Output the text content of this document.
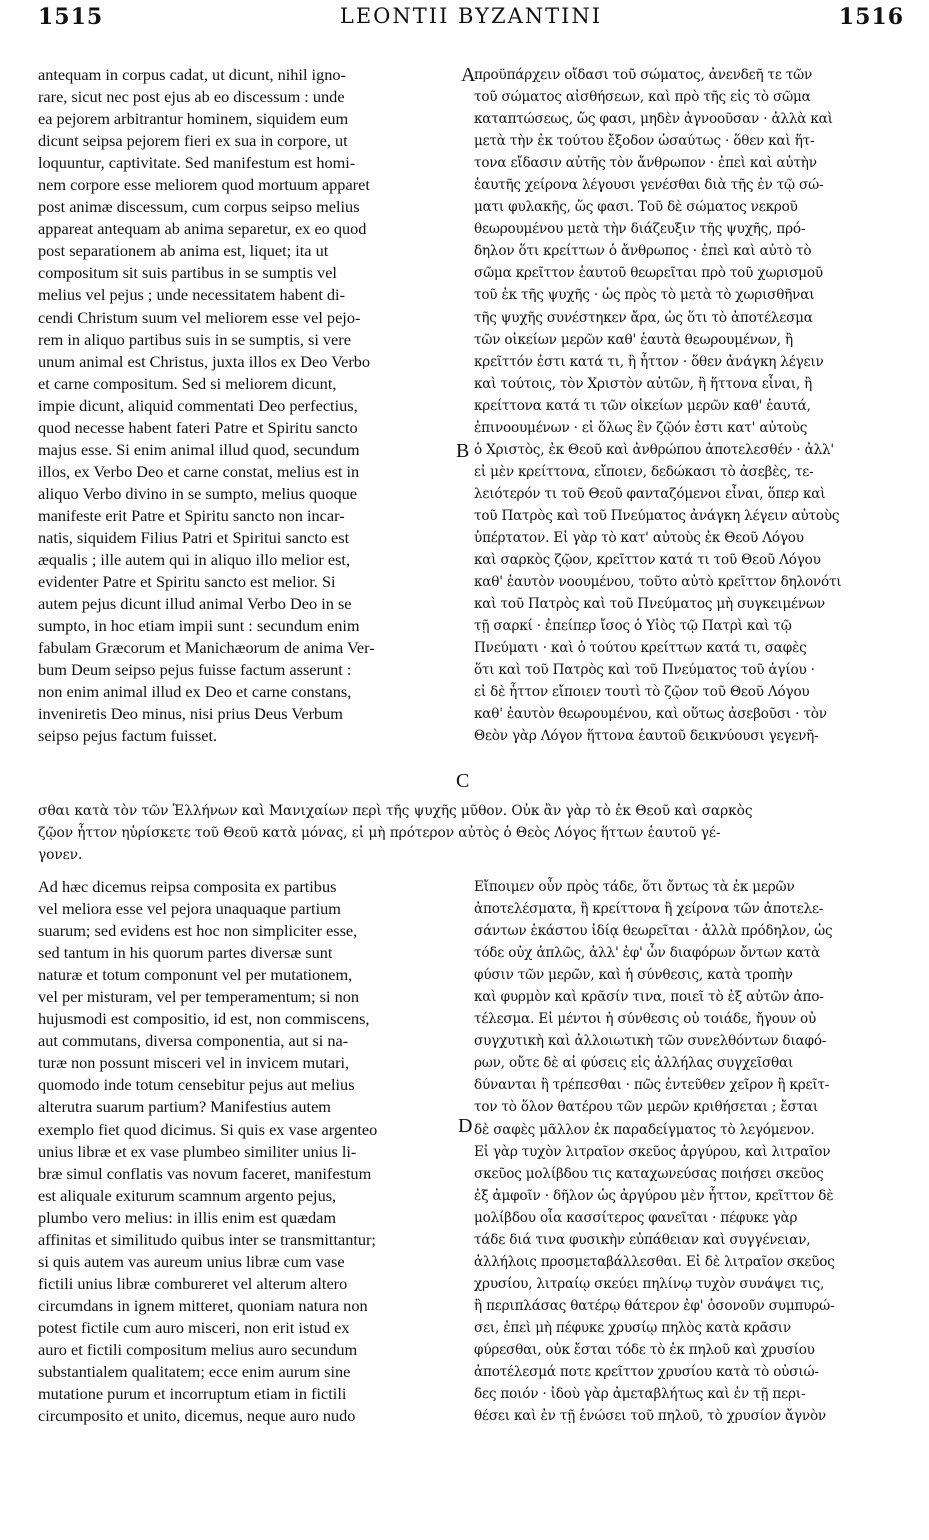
1515	LEONTII BYZANTINI	1516
antequam in corpus cadat, ut dicunt, nihil igno-
rare, sicut nec post ejus ab eo discessum : unde
ea pejorem arbitrantur hominem, siquidem eum
dicunt seipsa pejorem fieri ex sua in corpore, ut
loquuntur, captivitate. Sed manifestum est homi-
nem corpore esse meliorem quod mortuum apparet
post animæ discessum, cum corpus seipso melius
appareat antequam ab anima separetur, ex eo quod
post separationem ab anima est, liquet; ita ut
compositum sit suis partibus in se sumptis vel
melius vel pejus ; unde necessitatem habent di-
cendi Christum suum vel meliorem esse vel pejo-
rem in aliquo partibus suis in se sumptis, si vere
unum animal est Christus, juxta illos ex Deo Verbo
et carne compositum. Sed si meliorem dicunt,
impie dicunt, aliquid commentati Deo perfectius,
quod necesse habent fateri Patre et Spiritu sancto
majus esse. Si enim animal illud quod, secundum
illos, ex Verbo Deo et carne constat, melius est in
aliquo Verbo divino in se sumpto, melius quoque
manifeste erit Patre et Spiritu sancto non incar-
natis, siquidem Filius Patri et Spiritui sancto est
æqualis ; ille autem qui in aliquo illo melior est,
evidenter Patre et Spiritu sancto est melior. Si
autem pejus dicunt illud animal Verbo Deo in se
sumpto, in hoc etiam impii sunt : secundum enim
fabulam Græcorum et Manichæorum de anima Ver-
bum Deum seipso pejus fuisse factum asserunt :
non enim animal illud ex Deo et carne constans,
inveniretis Deo minus, nisi prius Deus Verbum
seipso pejus factum fuisset.
προϋπάρχειν οἴδασι τοῦ σώματος, ἀνενδεῆ τε τῶν
τοῦ σώματος αἰσθήσεων, καὶ πρὸ τῆς εἰς τὸ σῶμα
καταπτώσεως, ὥς φασι, μηδὲν ἀγνοοῦσαν · ἀλλὰ καὶ
μετὰ τὴν ἐκ τούτου ἔξοδον ὡσαύτως · ὅθεν καὶ ἥτ-
τονα εἴδασιν αὐτῆς τὸν ἄνθρωπον · ἐπεὶ καὶ αὐτὴν
ἑαυτῆς χείρονα λέγουσι γενέσθαι διὰ τῆς ἐν τῷ σώ-
ματι φυλακῆς, ὥς φασι. Τοῦ δὲ σώματος νεκροῦ
θεωρουμένου μετὰ τὴν διάζευξιν τῆς ψυχῆς, πρό-
δηλον ὅτι κρείττων ὁ ἄνθρωπος · ἐπεὶ καὶ αὐτὸ τὸ
σῶμα κρεῖττον ἑαυτοῦ θεωρεῖται πρὸ τοῦ χωρισμοῦ
τοῦ ἐκ τῆς ψυχῆς · ὡς πρὸς τὸ μετὰ τὸ χωρισθῆναι
τῆς ψυχῆς συνέστηκεν ἄρα, ὡς ὅτι τὸ ἀποτέλεσμα
τῶν οἰκείων μερῶν καθ' ἑαυτὰ θεωρουμένων, ἢ
κρεῖττόν ἐστι κατά τι, ἢ ἧττον · ὅθεν ἀνάγκη λέγειν
καὶ τούτοις, τὸν Χριστὸν αὐτῶν, ἢ ἥττονα εἶναι, ἢ
κρείττονα κατά τι τῶν οἰκείων μερῶν καθ' ἑαυτά,
ἐπινοουμένων · εἰ ὅλως ἓν ζῷόν ἐστι κατ' αὐτοὺς
ὁ Χριστὸς, ἐκ Θεοῦ καὶ ἀνθρώπου ἀποτελεσθέν · ἀλλ'
εἰ μὲν κρείττονα, εἴποιεν, δεδώκασι τὸ ἀσεβὲς, τε-
λειότερόν τι τοῦ Θεοῦ φανταζόμενοι εἶναι, ὅπερ καὶ
τοῦ Πατρὸς καὶ τοῦ Πνεύματος ἀνάγκη λέγειν αὐτοὺς
ὑπέρτατον. Εἰ γὰρ τὸ κατ' αὐτοὺς ἐκ Θεοῦ Λόγου
καὶ σαρκὸς ζῷον, κρεῖττον κατά τι τοῦ Θεοῦ Λόγου
καθ' ἑαυτὸν νοουμένου, τοῦτο αὐτὸ κρεῖττον δηλονότι
καὶ τοῦ Πατρὸς καὶ τοῦ Πνεύματος μὴ συγκειμένων
τῇ σαρκί · ἐπείπερ ἴσος ὁ Υἱὸς τῷ Πατρὶ καὶ τῷ
Πνεύματι · καὶ ὁ τούτου κρείττων κατά τι, σαφὲς
ὅτι καὶ τοῦ Πατρὸς καὶ τοῦ Πνεύματος τοῦ ἁγίου ·
εἰ δὲ ἧττον εἴποιεν τουτὶ τὸ ζῷον τοῦ Θεοῦ Λόγου
καθ' ἑαυτὸν θεωρουμένου, καὶ οὕτως ἀσεβοῦσι · τὸν
Θεὸν γὰρ Λόγον ἥττονα ἑαυτοῦ δεικνύουσι γεγενῆ-
σθαι κατὰ τὸν τῶν Ἑλλήνων καὶ Μανιχαίων περὶ τῆς ψυχῆς μῦθον. Οὐκ ἂν γὰρ τὸ ἐκ Θεοῦ καὶ σαρκὸς
ζῷον ἧττον ηὑρίσκετε τοῦ Θεοῦ κατὰ μόνας, εἰ μὴ πρότερον αὐτὸς ὁ Θεὸς Λόγος ἥττων ἑαυτοῦ γέ-
γονεν.
Ad hæc dicemus reipsa composita ex partibus
vel meliora esse vel pejora unaquaque partium
suarum; sed evidens est hoc non simpliciter esse,
sed tantum in his quorum partes diversæ sunt
naturæ et totum componunt vel per mutationem,
vel per misturam, vel per temperamentum; si non
hujusmodi est compositio, id est, non commiscens,
aut commutans, diversa componentia, aut si na-
turæ non possunt misceri vel in invicem mutari,
quomodo inde totum censebitur pejus aut melius
alterutra suarum partium? Manifestius autem
exemplo fiet quod dicimus. Si quis ex vase argenteo
unius libræ et ex vase plumbeo similiter unius li-
bræ simul conflatis vas novum faceret, manifestum
est aliquale exiturum scamnum argento pejus,
plumbo vero melius: in illis enim est quædam
affinitas et similitudo quibus inter se transmittantur;
si quis autem vas aureum unius libræ cum vase
fictili unius libræ combureret vel alterum altero
circumdans in ignem mitteret, quoniam natura non
potest fictile cum auro misceri, non erit istud ex
auro et fictili compositum melius auro secundum
substantialem qualitatem; ecce enim aurum sine
mutatione purum et incorruptum etiam in fictili
circumposito et unito, dicemus, neque auro nudo
Εἴποιμεν οὖν πρὸς τάδε, ὅτι ὄντως τὰ ἐκ μερῶν
ἀποτελέσματα, ἢ κρείττονα ἢ χείρονα τῶν ἀποτελε-
σάντων ἑκάστου ἰδίᾳ θεωρεῖται · ἀλλὰ πρόδηλον, ὡς
τόδε οὐχ ἁπλῶς, ἀλλ' ἐφ' ὧν διαφόρων ὄντων κατὰ
φύσιν τῶν μερῶν, καὶ ἡ σύνθεσις, κατὰ τροπὴν
καὶ φυρμὸν καὶ κρᾶσίν τινα, ποιεῖ τὸ ἐξ αὐτῶν ἀπο-
τέλεσμα. Εἰ μέντοι ἡ σύνθεσις οὐ τοιάδε, ἤγουν οὐ
συγχυτικὴ καὶ ἀλλοιωτικὴ τῶν συνελθόντων διαφό-
ρων, οὔτε δὲ αἱ φύσεις εἰς ἀλλήλας συγχεῖσθαι
δύνανται ἢ τρέπεσθαι · πῶς ἐντεῦθεν χεῖρον ἢ κρεῖτ-
τον τὸ ὅλον θατέρου τῶν μερῶν κριθήσεται ; ἔσται
δὲ σαφὲς μᾶλλον ἐκ παραδείγματος τὸ λεγόμενον.
Εἰ γὰρ τυχὸν λιτραῖον σκεῦος ἀργύρου, καὶ λιτραῖον
σκεῦος μολίβδου τις καταχωνεύσας ποιήσει σκεῦος
ἐξ ἀμφοῖν · δῆλον ὡς ἀργύρου μὲν ἧττον, κρεῖττον δὲ
μολίβδου οἷα κασσίτερος φανεῖται · πέφυκε γὰρ
τάδε διά τινα φυσικὴν εὐπάθειαν καὶ συγγένειαν,
ἀλλήλοις προσμεταβάλλεσθαι. Εἰ δὲ λιτραῖον σκεῦος
χρυσίου, λιτραίῳ σκεύει πηλίνῳ τυχὸν συνάψει τις,
ἢ περιπλάσας θατέρῳ θάτερον ἐφ' ὁσονοῦν συμπυρώ-
σει, ἐπεὶ μὴ πέφυκε χρυσίῳ πηλὸς κατὰ κρᾶσιν
φύρεσθαι, οὐκ ἔσται τόδε τὸ ἐκ πηλοῦ καὶ χρυσίου
ἀποτέλεσμά ποτε κρεῖττον χρυσίου κατὰ τὸ οὐσιώ-
δες ποιόν · ἰδοὺ γὰρ ἀμεταβλήτως καὶ ἐν τῇ περι-
θέσει καὶ ἐν τῇ ἑνώσει τοῦ πηλοῦ, τὸ χρυσίον ἄγνὸν
A
B
C
D
